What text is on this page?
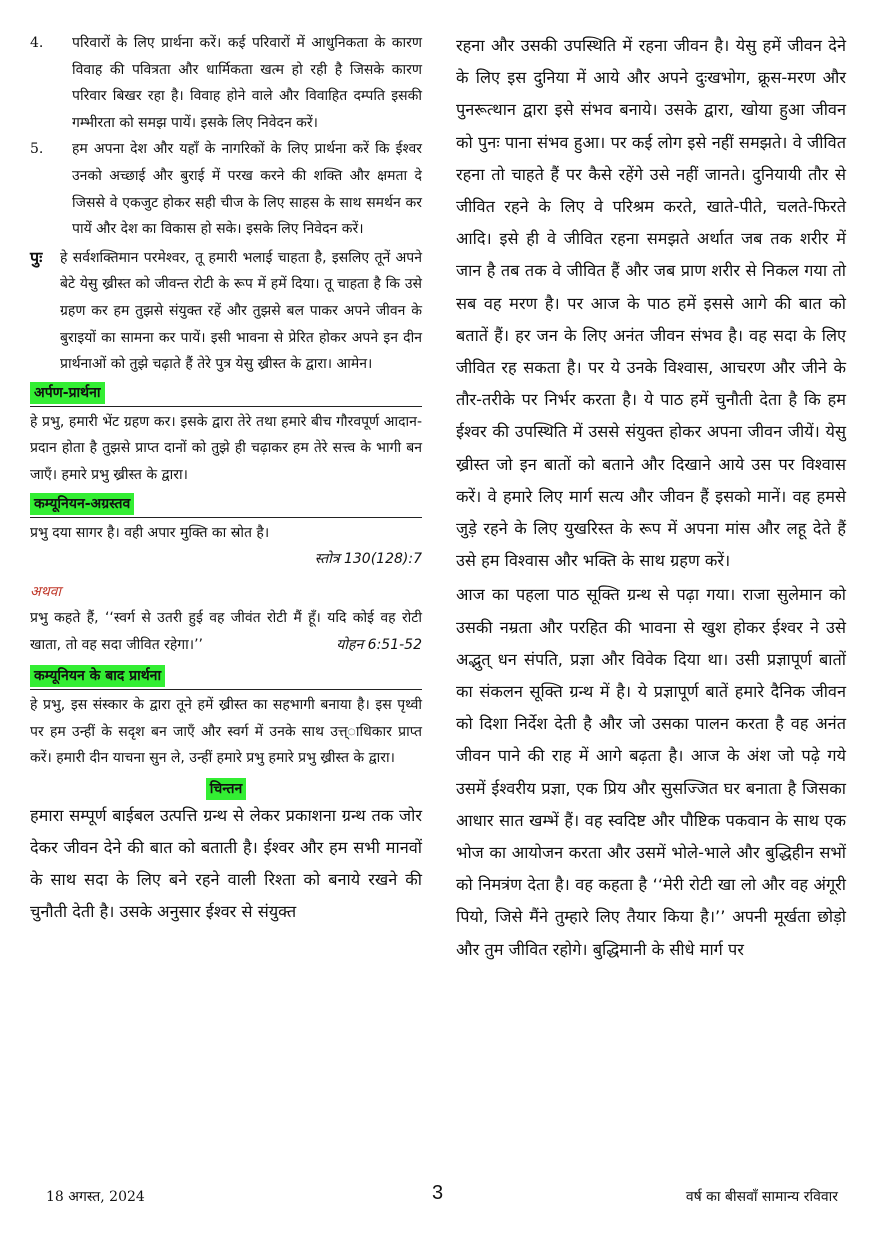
4.	परिवारों के लिए प्रार्थना करें। कई परिवारों में आधुनिकता के कारण विवाह की पवित्रता और धार्मिकता खत्म हो रही है जिसके कारण परिवार बिखर रहा है। विवाह होने वाले और विवाहित दम्पति इसकी गम्भीरता को समझ पायें। इसके लिए निवेदन करें।
5.	हम अपना देश और यहाँ के नागरिकों के लिए प्रार्थना करें कि ईश्वर उनको अच्छाई और बुराई में परख करने की शक्ति और क्षमता दे जिससे वे एकजुट होकर सही चीज के लिए साहस के साथ समर्थन कर पायें और देश का विकास हो सके। इसके लिए निवेदन करें।
पुः	हे सर्वशक्तिमान परमेश्वर, तू हमारी भलाई चाहता है, इसलिए तूनें अपने बेटे येसु ख्रीस्त को जीवन्त रोटी के रूप में हमें दिया। तू चाहता है कि उसे ग्रहण कर हम तुझसे संयुक्त रहें और तुझसे बल पाकर अपने जीवन के बुराइयों का सामना कर पायें। इसी भावना से प्रेरित होकर अपने इन दीन प्रार्थनाओं को तुझे चढ़ाते हैं तेरे पुत्र येसु ख्रीस्त के द्वारा। आमेन।
अर्पण-प्रार्थना
हे प्रभु, हमारी भेंट ग्रहण कर। इसके द्वारा तेरे तथा हमारे बीच गौरवपूर्ण आदान-प्रदान होता है तुझसे प्राप्त दानों को तुझे ही चढ़ाकर हम तेरे सत्त्व के भागी बन जाएँ। हमारे प्रभु ख्रीस्त के द्वारा।
कम्यूनियन-अग्रस्तव
प्रभु दया सागर है। वही अपार मुक्ति का स्रोत है।
स्तोत्र 130(128):7
अथवा
प्रभु कहते हैं, ‘‘स्वर्ग से उतरी हुई वह जीवंत रोटी मैं हूँ। यदि कोई वह रोटी खाता, तो वह सदा जीवित रहेगा।’’	योहन 6:51-52
कम्यूनियन के बाद प्रार्थना
हे प्रभु, इस संस्कार के द्वारा तूने हमें ख्रीस्त का सहभागी बनाया है। इस पृथ्वी पर हम उन्हीं के सदृश बन जाएँ और स्वर्ग में उनके साथ उत्त्ाधिकार प्राप्त करें। हमारी दीन याचना सुन ले, उन्हीं हमारे प्रभु हमारे प्रभु ख्रीस्त के द्वारा।
चिन्तन
हमारा सम्पूर्ण बाईबल उत्पत्ति ग्रन्थ से लेकर प्रकाशना ग्रन्थ तक जोर देकर जीवन देने की बात को बताती है। ईश्वर और हम सभी मानवों के साथ सदा के लिए बने रहने वाली रिश्ता को बनाये रखने की चुनौती देती है। उसके अनुसार ईश्वर से संयुक्त
रहना और उसकी उपस्थिति में रहना जीवन है। येसु हमें जीवन देने के लिए इस दुनिया में आये और अपने दुःखभोग, क्रूस-मरण और पुनरूत्थान द्वारा इसे संभव बनाये। उसके द्वारा, खोया हुआ जीवन को पुनः पाना संभव हुआ। पर कई लोग इसे नहीं समझते। वे जीवित रहना तो चाहते हैं पर कैसे रहेंगे उसे नहीं जानते। दुनियायी तौर से जीवित रहने के लिए वे परिश्रम करते, खाते-पीते, चलते-फिरते आदि। इसे ही वे जीवित रहना समझते अर्थात जब तक शरीर में जान है तब तक वे जीवित हैं और जब प्राण शरीर से निकल गया तो सब वह मरण है। पर आज के पाठ हमें इससे आगे की बात को बतातें हैं। हर जन के लिए अनंत जीवन संभव है। वह सदा के लिए जीवित रह सकता है। पर ये उनके विश्वास, आचरण और जीने के तौर-तरीके पर निर्भर करता है। ये पाठ हमें चुनौती देता है कि हम ईश्वर की उपस्थिति में उससे संयुक्त होकर अपना जीवन जीयें। येसु ख्रीस्त जो इन बातों को बताने और दिखाने आये उस पर विश्वास करें। वे हमारे लिए मार्ग सत्य और जीवन हैं इसको मानें। वह हमसे जुड़े रहने के लिए युखरिस्त के रूप में अपना मांस और लहू देते हैं उसे हम विश्वास और भक्ति के साथ ग्रहण करें।
आज का पहला पाठ सूक्ति ग्रन्थ से पढ़ा गया। राजा सुलेमान को उसकी नम्रता और परहित की भावना से खुश होकर ईश्वर ने उसे अद्भुत् धन संपति, प्रज्ञा और विवेक दिया था। उसी प्रज्ञापूर्ण बातों का संकलन सूक्ति ग्रन्थ में है। ये प्रज्ञापूर्ण बातें हमारे दैनिक जीवन को दिशा निर्देश देती है और जो उसका पालन करता है वह अनंत जीवन पाने की राह में आगे बढ़ता है। आज के अंश जो पढ़े गये उसमें ईश्वरीय प्रज्ञा, एक प्रिय और सुसज्जित घर बनाता है जिसका आधार सात खम्भें हैं। वह स्वदिष्ट और पौष्टिक पकवान के साथ एक भोज का आयोजन करता और उसमें भोले-भाले और बुद्धिहीन सभों को निमत्रंण देता है। वह कहता है ‘‘मेरी रोटी खा लो और वह अंगूरी पियो, जिसे मैंने तुम्हारे लिए तैयार किया है।’’ अपनी मूर्खता छोड़ो और तुम जीवित रहोगे। बुद्धिमानी के सीधे मार्ग पर
18 अगस्त, 2024	3	वर्ष का बीसवाँ सामान्य रविवार
